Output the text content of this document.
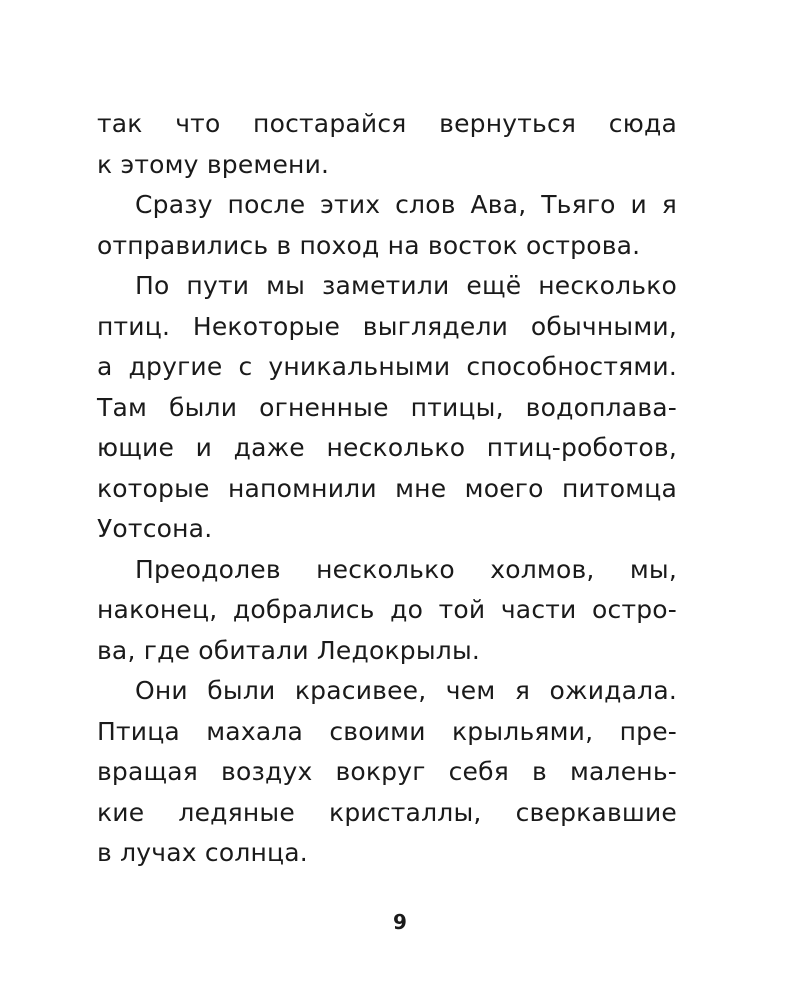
так что постарайся вернуться сюда
к этому времени.
Сразу после этих слов Ава, Тьяго и я
отправились в поход на восток острова.
По пути мы заметили ещё несколько
птиц. Некоторые выглядели обычными,
а другие с уникальными способностями.
Там были огненные птицы, водоплава-
ющие и даже несколько птиц-роботов,
которые напомнили мне моего питомца
Уотсона.
Преодолев несколько холмов, мы,
наконец, добрались до той части остро-
ва, где обитали Ледокрылы.
Они были красивее, чем я ожидала.
Птица махала своими крыльями, пре-
вращая воздух вокруг себя в малень-
кие ледяные кристаллы, сверкавшие
в лучах солнца.
9
